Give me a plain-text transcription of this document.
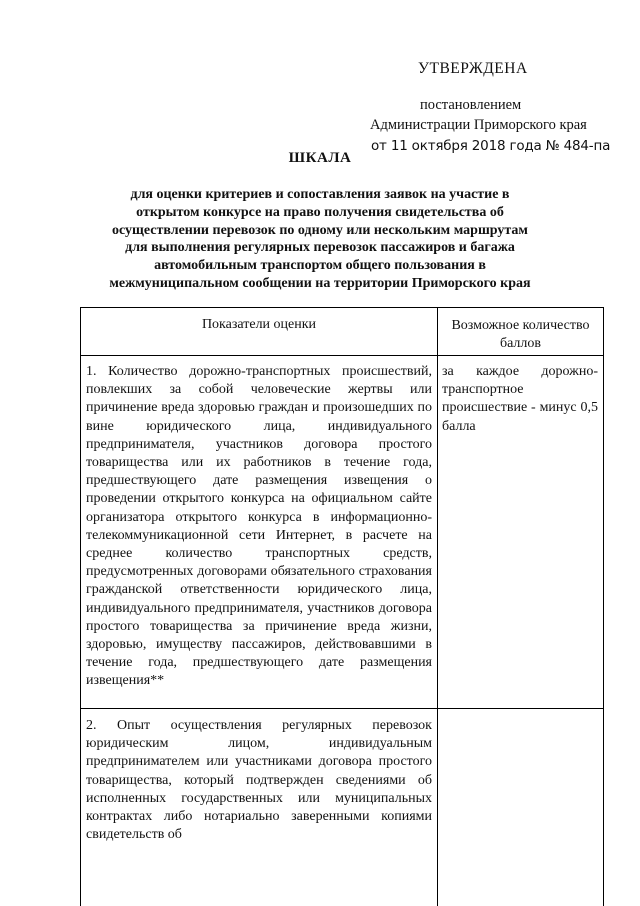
УТВЕРЖДЕНА
постановлением
Администрации Приморского края
от 11 октября 2018 года № 484-па
ШКАЛА
для оценки критериев и сопоставления заявок на участие в открытом конкурсе на право получения свидетельства об осуществлении перевозок по одному или нескольким маршрутам для выполнения регулярных перевозок пассажиров и багажа автомобильным транспортом общего пользования в межмуниципальном сообщении на территории Приморского края
Показатели оценки	Возможное количество баллов
1. Количество дорожно-транспортных происшествий, повлекших за собой человеческие жертвы или причинение вреда здоровью граждан и произошедших по вине юридического лица, индивидуального предпринимателя, участников договора простого товарищества или их работников в течение года, предшествующего дате размещения извещения о проведении открытого конкурса на официальном сайте организатора открытого конкурса в информационно-телекоммуникационной сети Интернет, в расчете на среднее количество транспортных средств, предусмотренных договорами обязательного страхования гражданской ответственности юридического лица, индивидуального предпринимателя, участников договора простого товарищества за причинение вреда жизни, здоровью, имуществу пассажиров, действовавшими в течение года, предшествующего дате размещения извещения**
за каждое дорожно-транспортное происшествие - минус 0,5 балла
2. Опыт осуществления регулярных перевозок юридическим лицом, индивидуальным предпринимателем или участниками договора простого товарищества, который подтвержден сведениями об исполненных государственных или муниципальных контрактах либо нотариально заверенными копиями свидетельств об
